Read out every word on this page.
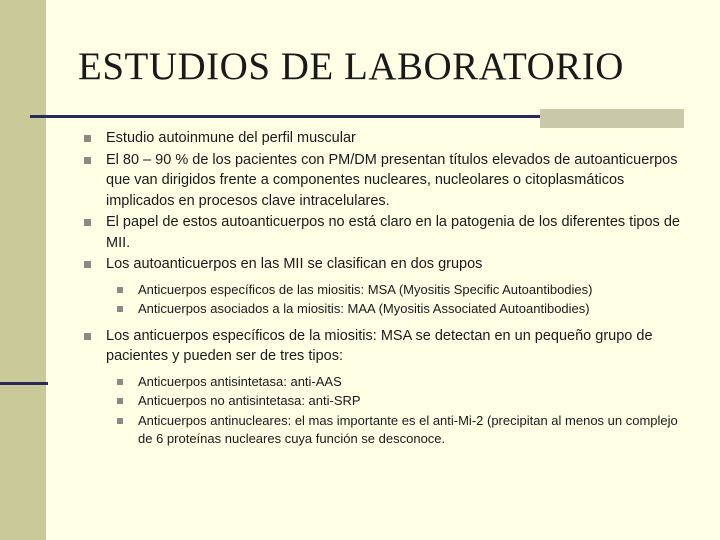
ESTUDIOS DE LABORATORIO
Estudio autoinmune del perfil muscular
El 80 – 90 % de los pacientes con PM/DM presentan títulos elevados de autoanticuerpos que van dirigidos frente a componentes nucleares, nucleolares o citoplasmáticos implicados en procesos clave intracelulares.
El papel de estos autoanticuerpos no está claro en la patogenia de los diferentes tipos de MII.
Los autoanticuerpos en las MII se clasifican en dos grupos
Anticuerpos específicos de las miositis: MSA (Myositis Specific Autoantibodies)
Anticuerpos asociados a la miositis: MAA (Myositis Associated Autoantibodies)
Los anticuerpos específicos de la miositis: MSA se detectan en un pequeño grupo de pacientes y pueden ser de tres tipos:
Anticuerpos antisintetasa: anti-AAS
Anticuerpos no antisintetasa: anti-SRP
Anticuerpos antinucleares: el mas importante es el anti-Mi-2 (precipitan al menos un complejo de 6 proteínas nucleares cuya función se desconoce.
